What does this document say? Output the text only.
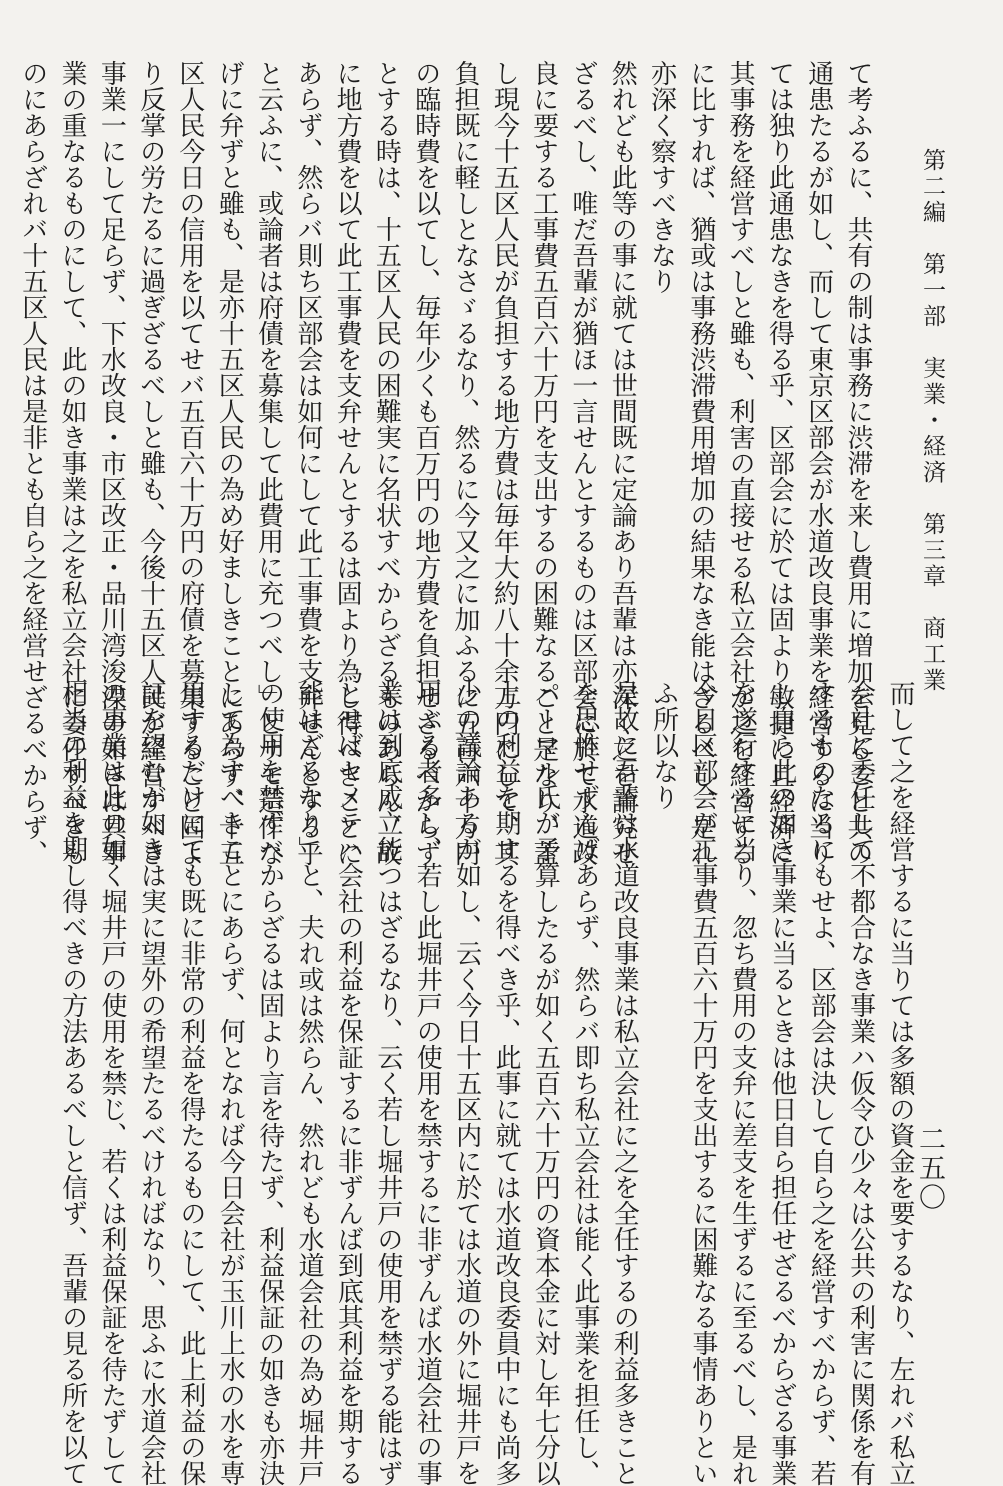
第二編　第一部　実業・経済　第三章　商工業
二五〇
て考ふるに、共有の制は事務に渋滞を来し費用に増加を見ること共の
通患たるが如し、而して東京区部会が水道改良事業を経営するに当り
ては独り此通患なきを得る乎、区部会に於ては固より敏捷に且経済に
其事務を経営すべしと雖も、利害の直接せる私立会社が之を経営する
に比すれば、猶或は事務渋滞費用増加の結果なき能はざるべし、是れ
亦深く察すべきなり
然れども此等の事に就ては世間既に定論あり吾輩は亦深く之を論究せ
ざるべし、唯だ吾輩が猶ほ一言せんとするものは区部会に於て水道改
良に要する工事費五百六十万円を支出するの困難なること是なり、蓋
し現今十五区人民が負担する地方費は毎年大約八十余万円にして、其
負担既に軽しとなさゞるなり、然るに今又之に加ふるに五百六十万円
の臨時費を以てし、毎年少くも百万円の地方費を負担せざるべからず
とする時は、十五区人民の困難実に名状すべからざるものあらん、故
に地方費を以て此工事費を支弁せんとするは固より為し得べきことに
あらず、然らバ則ち区部会は如何にして此工事費を支弁せんとする乎
と云ふに、或論者は府債を募集して此費用に充つべし」とサモ造作な
げに弁ずと雖も、是亦十五区人民の為め好ましきことにあらず、十五
区人民今日の信用を以てせバ五百六十万円の府債を募集すること固よ
り反掌の労たるに過ぎざるべしと雖も、今後十五区人民が経営すべき
事業一にして足らず、下水改良・市区改正・品川湾浚渫の如きは其事
業の重なるものにして、此の如き事業は之を私立会社に委任すべきも
のにあらざれバ十五区人民は是非とも自ら之を経営せざるべからず、
而して之を経営するに当りては多額の資金を要するなり、左れバ私立
会社に委任して不都合なき事業ハ仮令ひ少々は公共の利害に関係を有
するものなるにもせよ、区部会は決して自ら之を経営すべからず、若
し自ら此の如き事業に当るときは他日自ら担任せざるべからざる事業
を遂行するに当り、忽ち費用の支弁に差支を生ずるに至るべし、是れ
今日区部会が工事費五百六十万円を支出するに困難なる事情ありとい
ふ所以なり
是故に吾輩は水道改良事業は私立会社に之を全任するの利益多きこと
を思惟せずんばあらず、然らバ即ち私立会社は能く此事業を担任し、
パーマル氏が予算したるが如く五百六十万円の資本金に対し年七分以
上の利益を期するを得べき乎、此事に就ては水道改良委員中にも尚多
少の議論あるが如し、云く今日十五区内に於ては水道の外に堀井戸を
用ふる者多し、若し此堀井戸の使用を禁するに非ずんば水道会社の事
業は到底成立能つはざるなり、云く若し堀井戸の使用を禁ずる能はず
とせばセメテハ会社の利益を保証するに非ずんば到底其利益を期する
能はざるなり」と、夫れ或は然らん、然れども水道会社の為め堀井戸
の使用を禁ずべからざるは固より言を待たず、利益保証の如きも亦決
して為すべきことにあらず、何となれば今日会社が玉川上水の水を専
用するだけにても既に非常の利益を得たるものにして、此上利益の保
証を望むが如きは実に望外の希望たるべければなり、思ふに水道会社
の事業は此の如く堀井戸の使用を禁じ、若くは利益保証を待たずして
相当の利益を期し得べきの方法あるべしと信ず、吾輩の見る所を以て
